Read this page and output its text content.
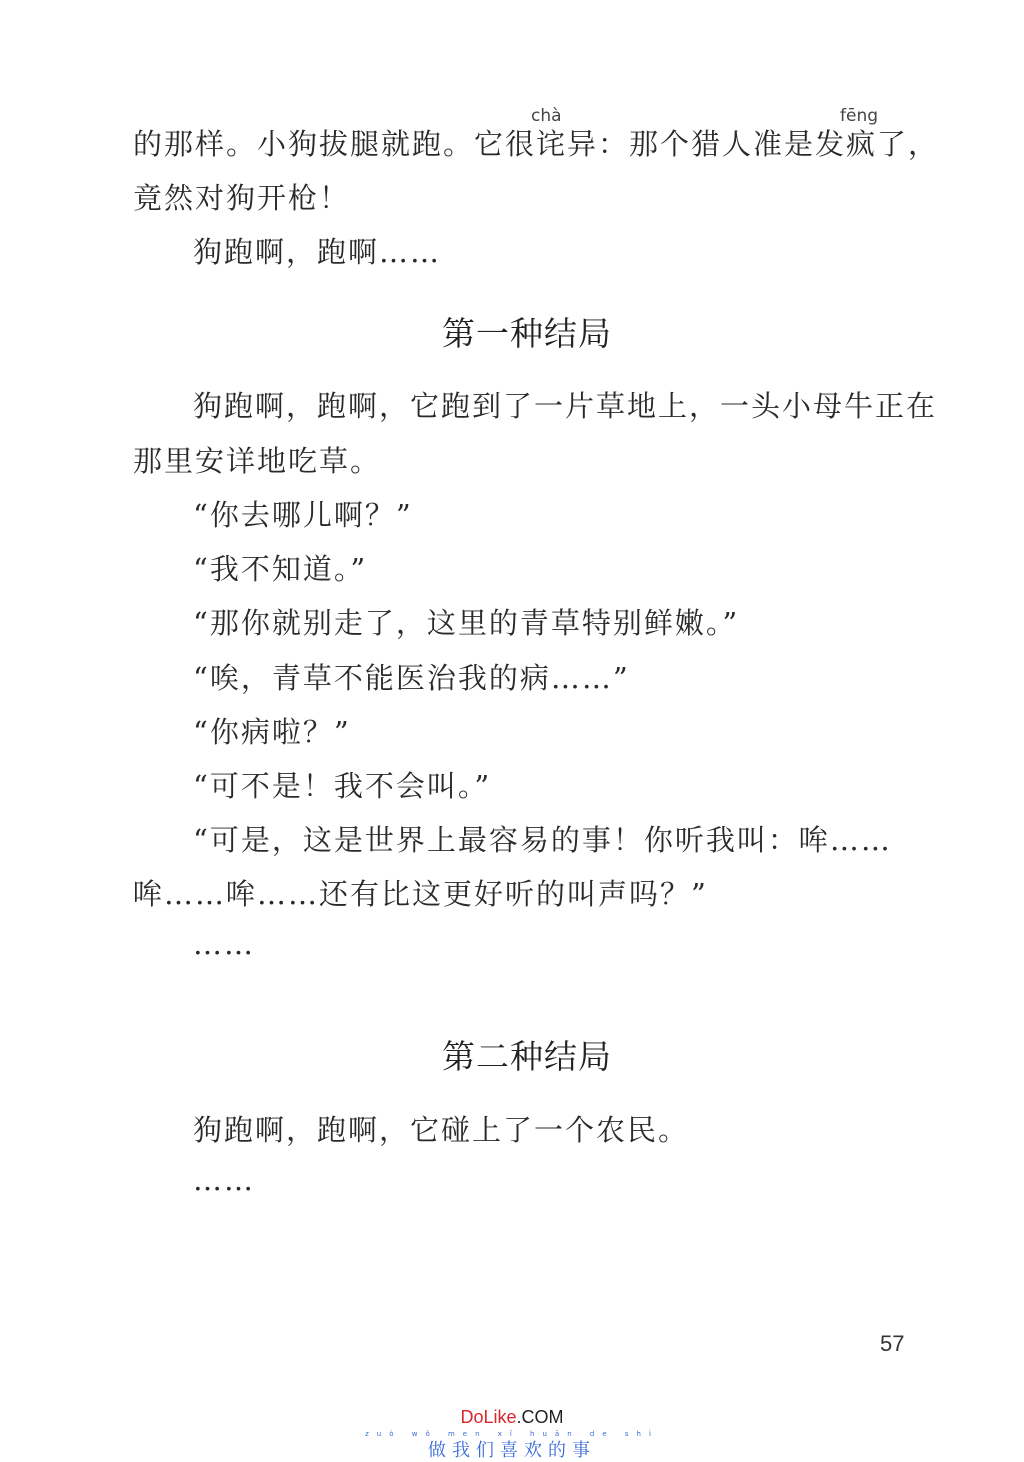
chà	fēng
的那样。小狗拔腿就跑。它很诧异：那个猎人准是发疯了，
竟然对狗开枪！
狗跑啊，跑啊……
第一种结局
狗跑啊，跑啊，它跑到了一片草地上，一头小母牛正在
那里安详地吃草。
“你去哪儿啊？”
“我不知道。”
“那你就别走了，这里的青草特别鲜嫩。”
“唉，青草不能医治我的病……”
“你病啦？”
“可不是！我不会叫。”
“可是，这是世界上最容易的事！你听我叫：哞……
哞……哞……还有比这更好听的叫声吗？”
……
第二种结局
狗跑啊，跑啊，它碰上了一个农民。
……
57
DoLike.COM
zuò wǒ men xǐ huān de shì
做我们喜欢的事
